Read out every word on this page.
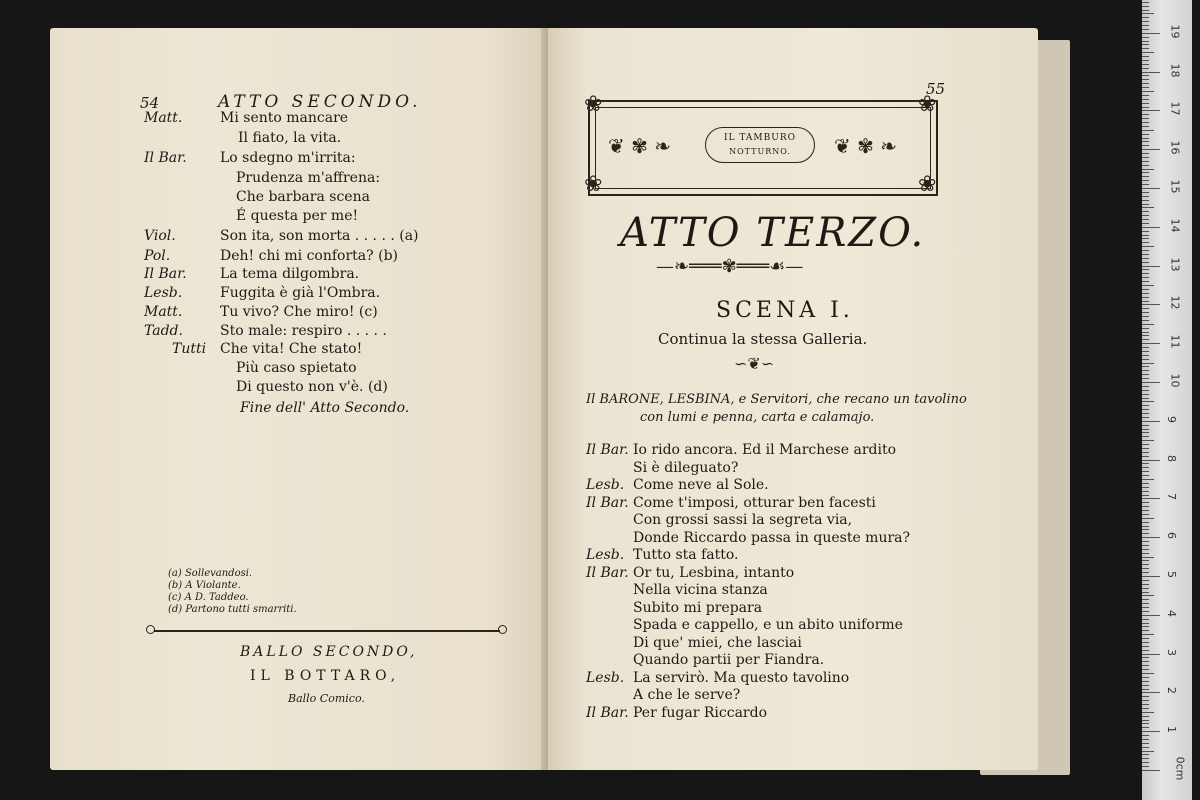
54	ATTO SECONDO.
Matt.	Mi sento mancare
Il fiato, la vita.
Il Bar. Lo sdegno m'irrita:
Prudenza m'affrena:
Che barbara scena
É questa per me!
Viol.	Son ita, son morta . . . . . (a)
Pol.	Deh! chi mi conforta? (b)
Il Bar. La tema dilgombra.
Lesb.	Fuggita è già l'Ombra.
Matt.	Tu vivo? Che miro! (c)
Tadd.	Sto male: respiro . . . . .
Tutti Che vita! Che stato!
Più caso spietato
Di questo non v'è. (d)
Fine dell' Atto Secondo.
(a) Sollevandosi.
(b) A Violante.
(c) A D. Taddeo.
(d) Partono tutti smarriti.
BALLO SECONDO,
IL BOTTARO,
Ballo Comico.
55
❦ ✾ ❧	❦ ✾ ❧
❀	❀
❀	❀
IL TAMBURO
NOTTURNO.
ATTO TERZO.
—❧═══✾═══☙—
SCENA I.
Continua la stessa Galleria.
∽❦∽
Il BARONE, LESBINA, e Servitori, che recano un tavolino
con lumi e penna, carta e calamajo.
Il Bar. Io rido ancora. Ed il Marchese ardito
Si è dileguato?
Lesb. Come neve al Sole.
Il Bar. Come t'imposi, otturar ben facesti
Con grossi sassi la segreta via,
Donde Riccardo passa in queste mura?
Lesb. Tutto sta fatto.
Il Bar. Or tu, Lesbina, intanto
Nella vicina stanza
Subito mi prepara
Spada e cappello, e un abito uniforme
Di que' miei, che lasciai
Quando partii per Fiandra.
Lesb. La servirò. Ma questo tavolino
A che le serve?
Il Bar. Per fugar Riccardo
0cm
1
2
3
4
5
6
7
8
9
10
11
12
13
14
15
16
17
18
19
